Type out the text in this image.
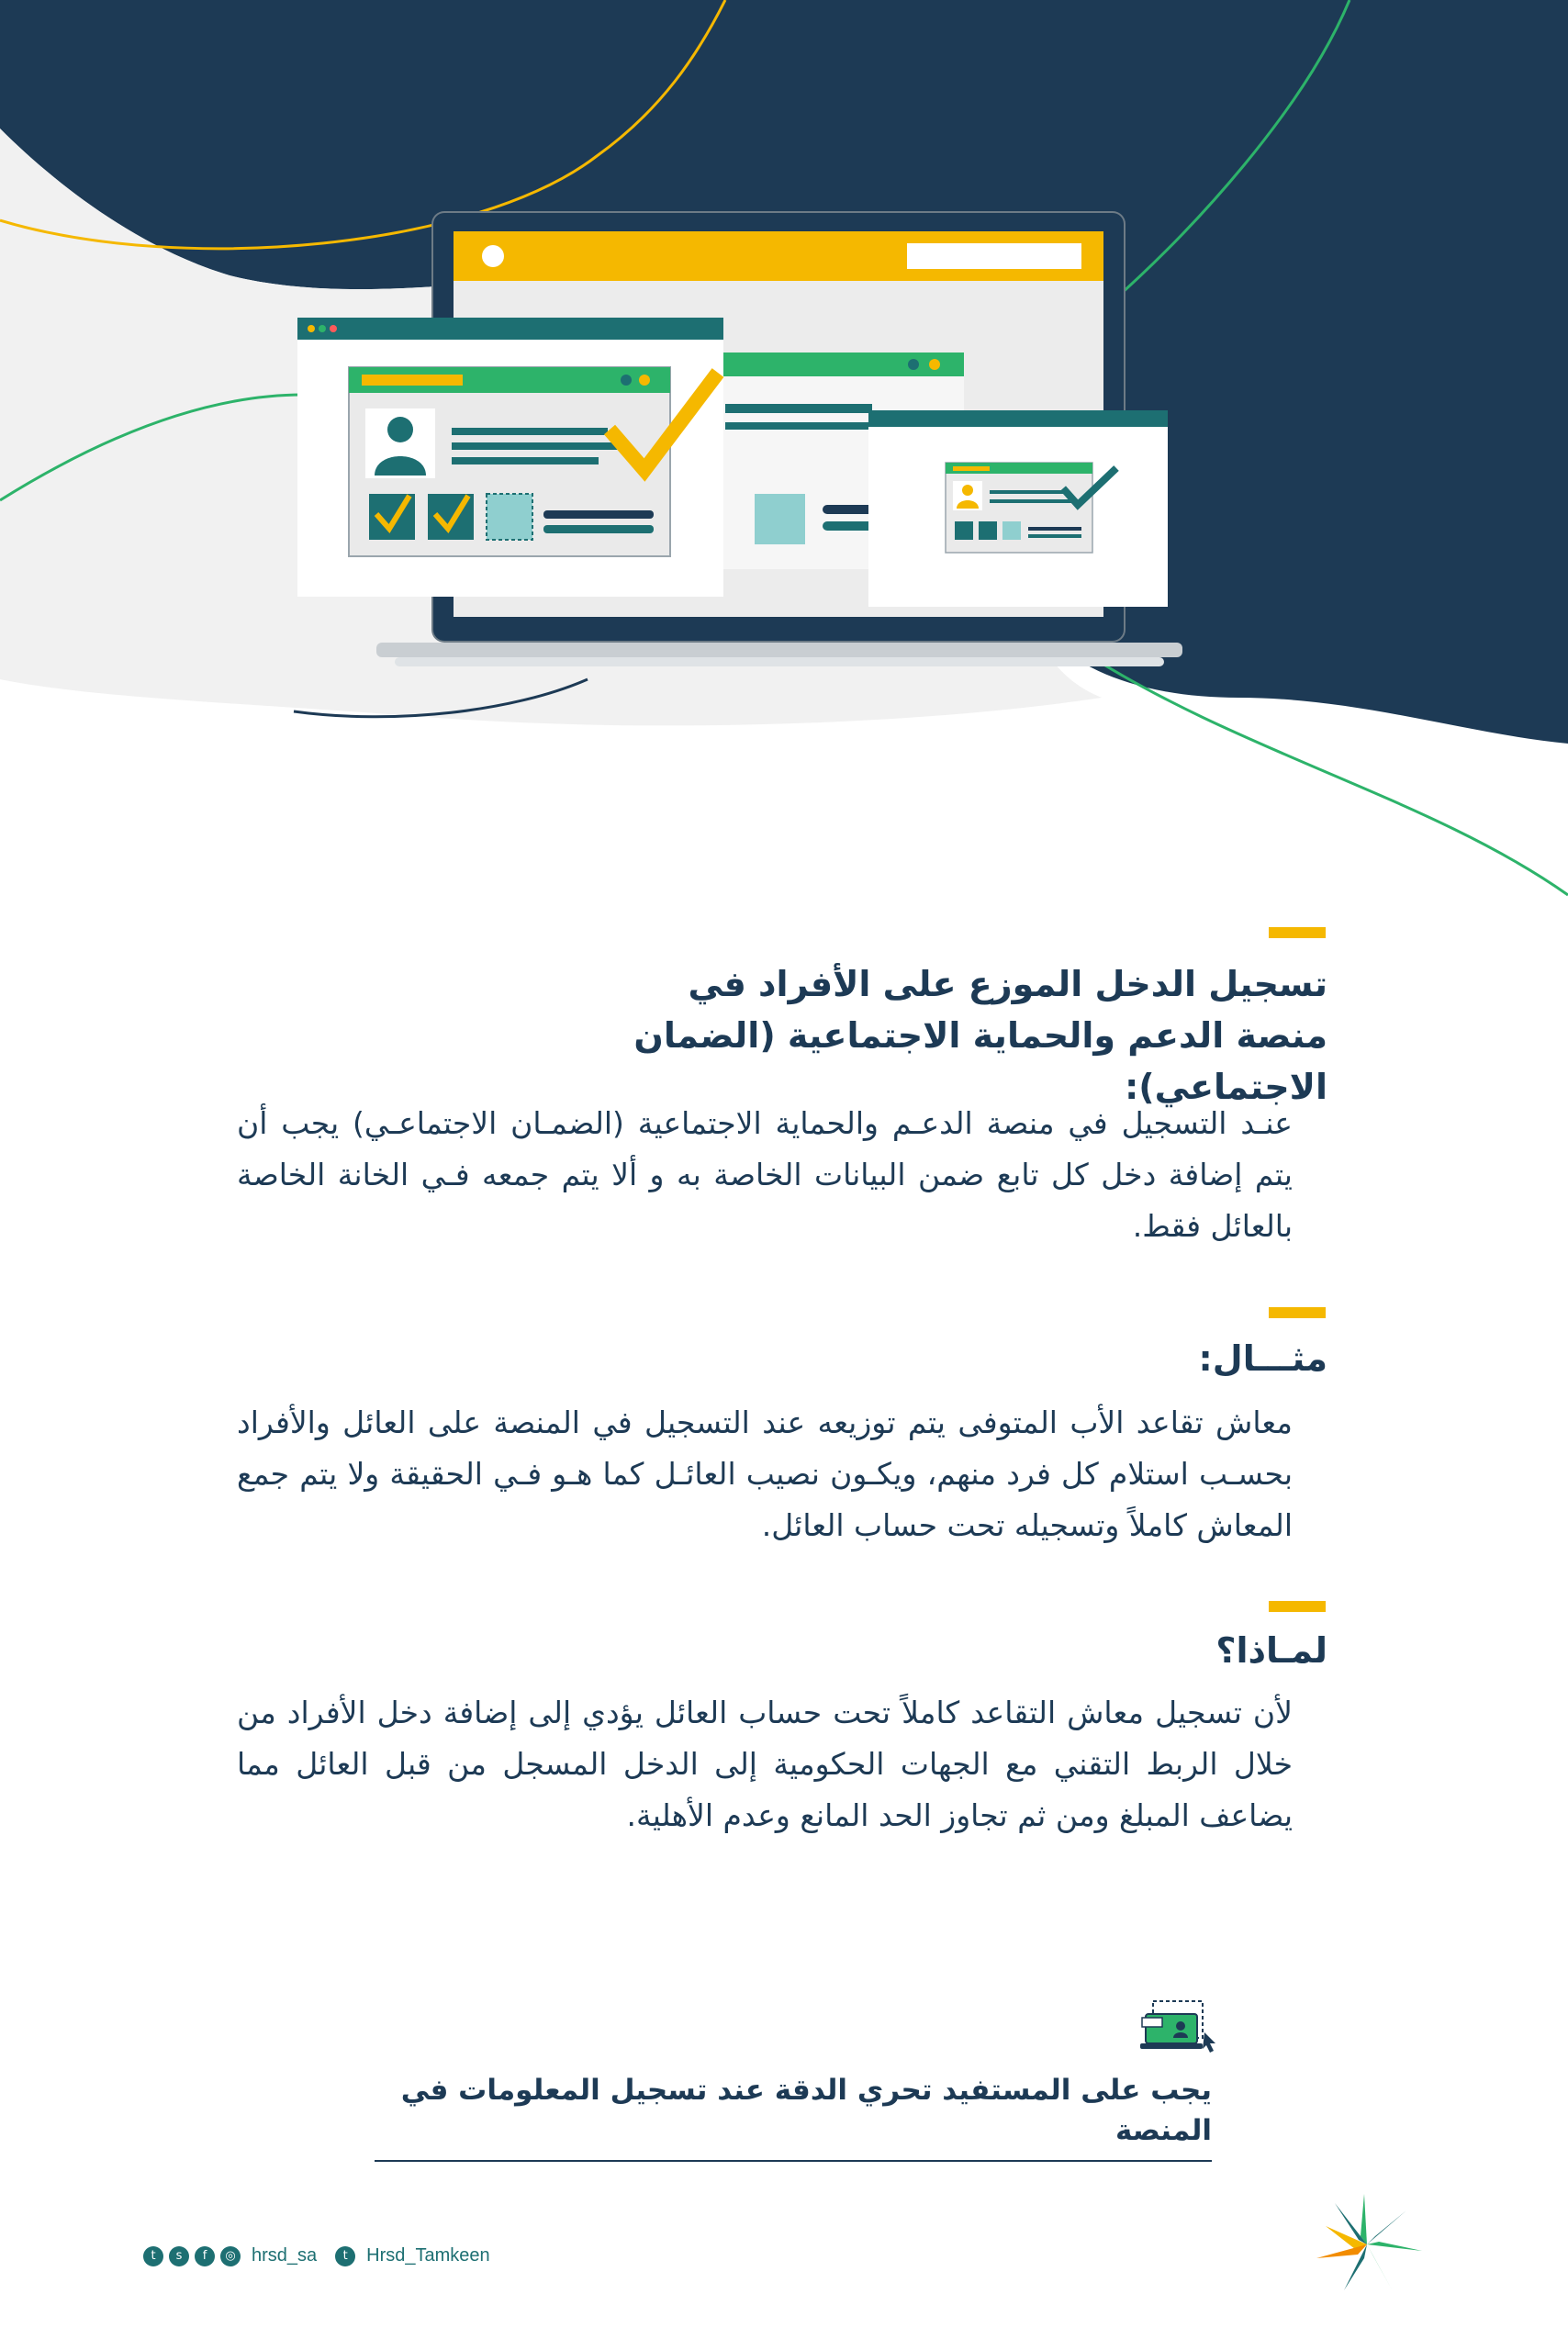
تسجيل الدخل الموزع على الأفراد في
منصة الدعم والحماية الاجتماعية (الضمان الاجتماعي):
عنـد التسجيل في منصة الدعـم والحماية الاجتماعية (الضمـان الاجتماعـي) يجب أن يتم إضافة دخل كل تابع ضمن البيانات الخاصة به و ألا يتم جمعه فـي الخانة الخاصة بالعائل فقط.
مثـــال:
معاش تقاعد الأب المتوفى يتم توزيعه عند التسجيل في المنصة على العائل والأفراد بحسـب استلام كل فرد منهم، ويكـون نصيب العائـل كما هـو فـي الحقيقة ولا يتم جمع المعاش كاملاً وتسجيله تحت حساب العائل.
لمـاذا؟
لأن تسجيل معاش التقاعد كاملاً تحت حساب العائل يؤدي إلى إضافة دخل الأفراد من خلال الربط التقني مع الجهات الحكومية إلى الدخل المسجل من قبل العائل مما يضاعف المبلغ ومن ثم تجاوز الحد المانع وعدم الأهلية.
يجب على المستفيد تحري الدقة عند تسجيل المعلومات في المنصة
t	s	f	◎ hrsd_sa	t	Hrsd_Tamkeen
